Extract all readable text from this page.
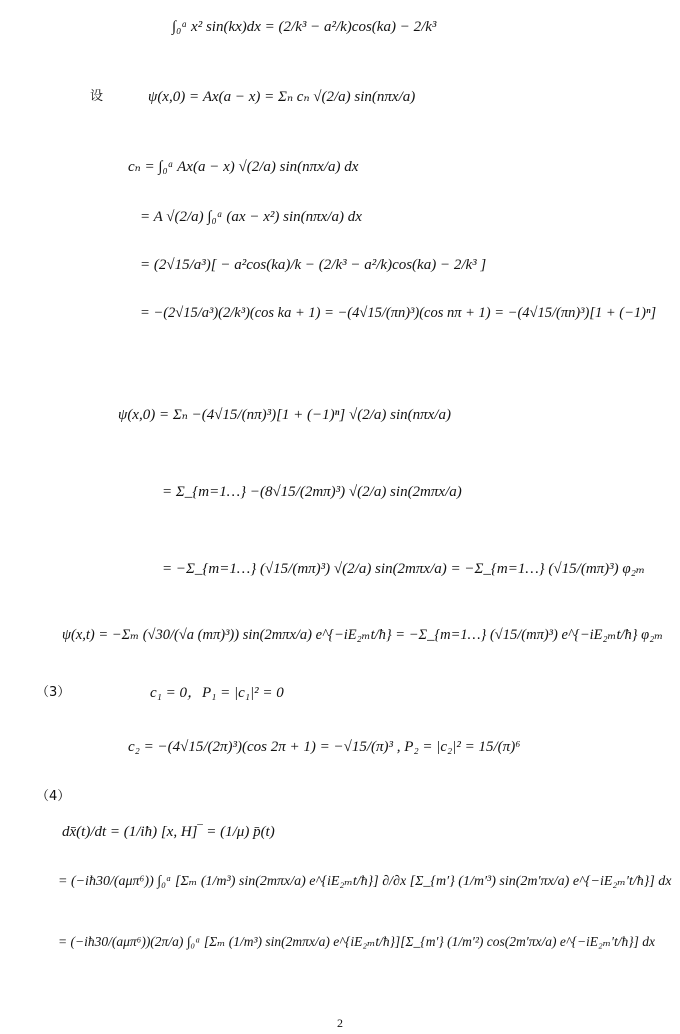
∫₀ᵃ x² sin(kx)dx = (2/k³ − a²/k)cos(ka) − 2/k³
设	ψ(x,0) = Ax(a − x) = Σₙ cₙ √(2/a) sin(nπx/a)
cₙ = ∫₀ᵃ Ax(a − x) √(2/a) sin(nπx/a) dx
= A √(2/a) ∫₀ᵃ (ax − x²) sin(nπx/a) dx
= (2√15/a³)[ − a²cos(ka)/k − (2/k³ − a²/k)cos(ka) − 2/k³ ]
= −(2√15/a³)(2/k³)(cos ka + 1) = −(4√15/(πn)³)(cos nπ + 1) = −(4√15/(πn)³)[1 + (−1)ⁿ]
ψ(x,0) = Σₙ −(4√15/(nπ)³)[1 + (−1)ⁿ] √(2/a) sin(nπx/a)
= Σ_{m=1…} −(8√15/(2mπ)³) √(2/a) sin(2mπx/a)
= −Σ_{m=1…} (√15/(mπ)³) √(2/a) sin(2mπx/a) = −Σ_{m=1…} (√15/(mπ)³) φ₂ₘ
ψ(x,t) = −Σₘ (√30/(√a (mπ)³)) sin(2mπx/a) e^{−iE₂ₘt/ħ} = −Σ_{m=1…} (√15/(mπ)³) e^{−iE₂ₘt/ħ} φ₂ₘ
（3）	c₁ = 0，P₁ = |c₁|² = 0
c₂ = −(4√15/(2π)³)(cos 2π + 1) = −√15/(π)³ , P₂ = |c₂|² = 15/(π)⁶
（4）
dx̄(t)/dt = (1/iħ) [x, H]‾ = (1/μ) p̄(t)
= (−iħ30/(aμπ⁶)) ∫₀ᵃ [Σₘ (1/m³) sin(2mπx/a) e^{iE₂ₘt/ħ}] ∂/∂x [Σ_{m′} (1/m′³) sin(2m′πx/a) e^{−iE₂ₘ′t/ħ}] dx
= (−iħ30/(aμπ⁶))(2π/a) ∫₀ᵃ [Σₘ (1/m³) sin(2mπx/a) e^{iE₂ₘt/ħ}][Σ_{m′} (1/m′²) cos(2m′πx/a) e^{−iE₂ₘ′t/ħ}] dx
2
